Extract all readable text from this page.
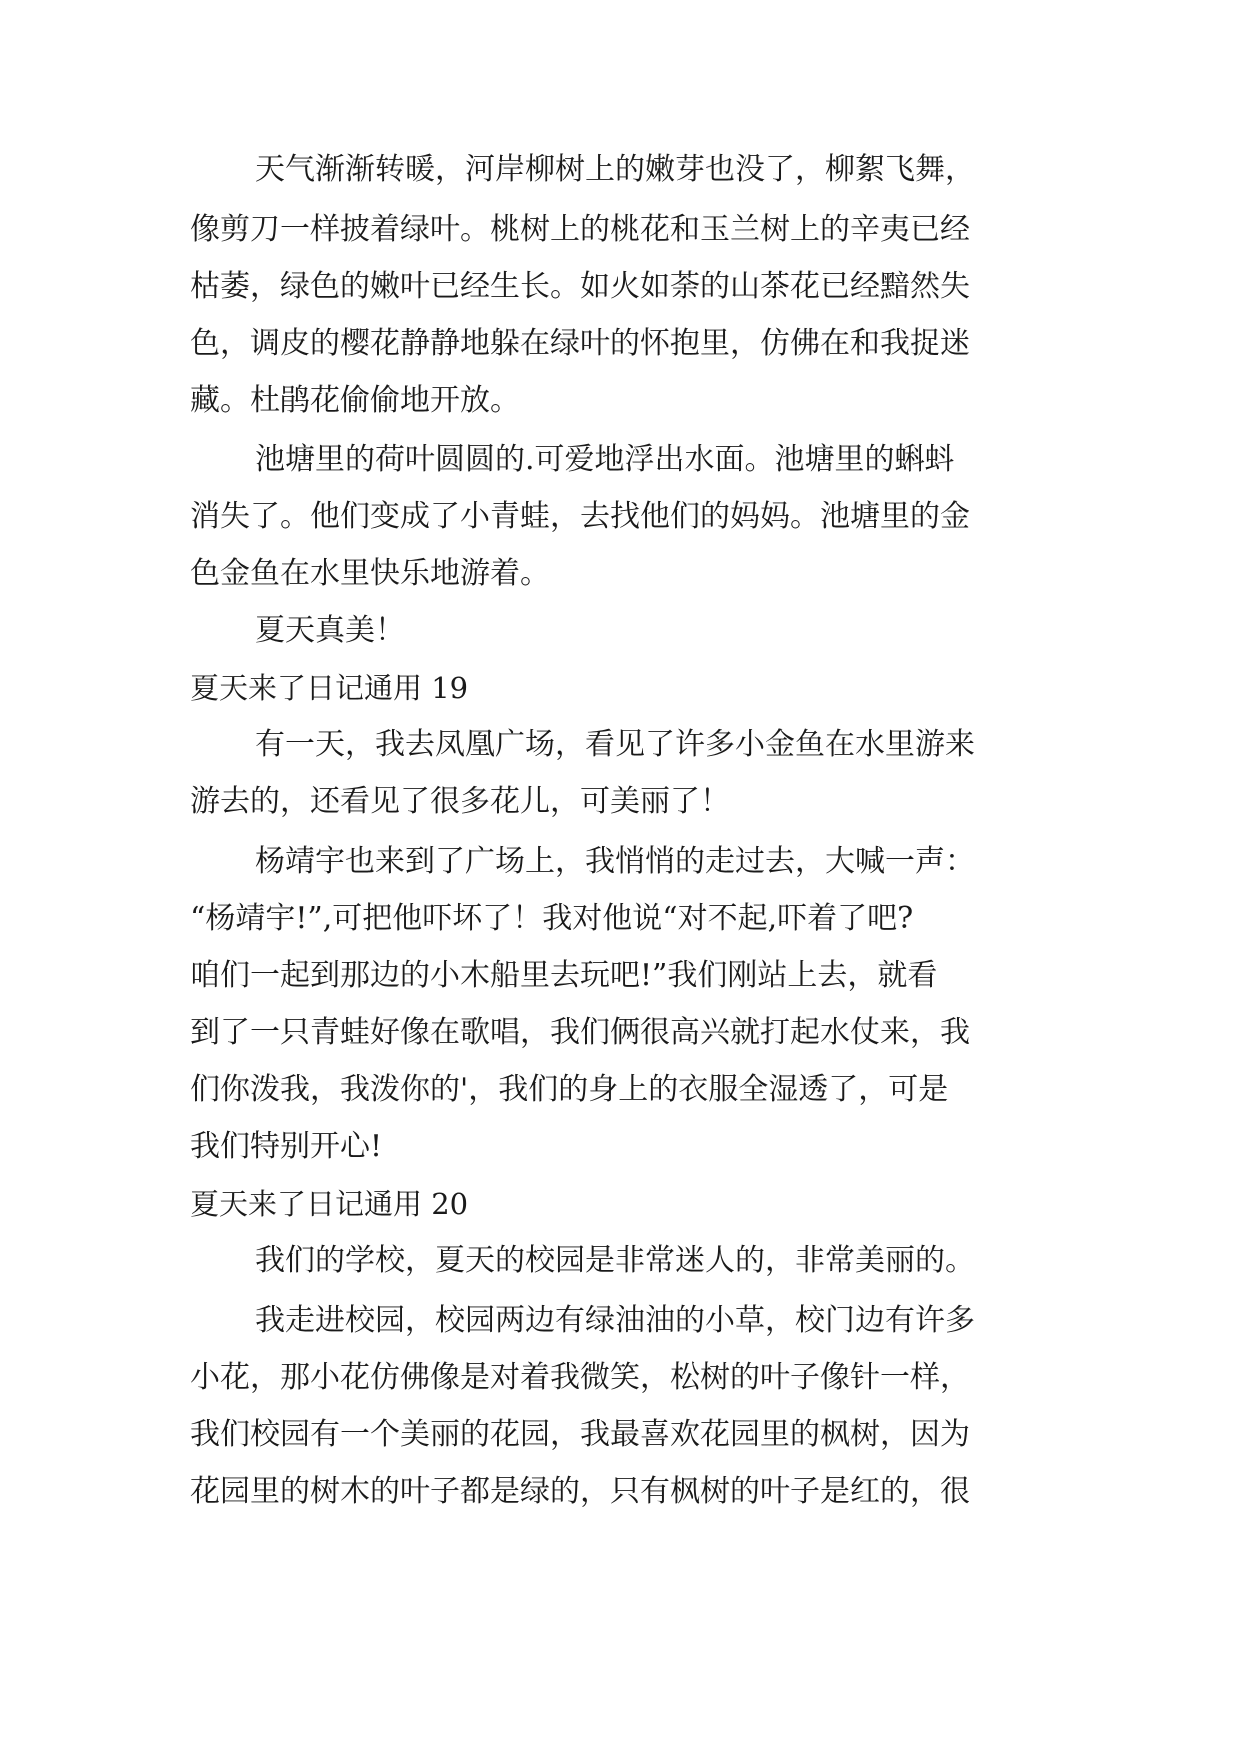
天气渐渐转暖，河岸柳树上的嫩芽也没了，柳絮飞舞，
像剪刀一样披着绿叶。桃树上的桃花和玉兰树上的辛夷已经
枯萎，绿色的嫩叶已经生长。如火如荼的山茶花已经黯然失
色，调皮的樱花静静地躲在绿叶的怀抱里，仿佛在和我捉迷
藏。杜鹃花偷偷地开放。
池塘里的荷叶圆圆的.可爱地浮出水面。池塘里的蝌蚪
消失了。他们变成了小青蛙，去找他们的妈妈。池塘里的金
色金鱼在水里快乐地游着。
夏天真美！
夏天来了日记通用 19
有一天，我去凤凰广场，看见了许多小金鱼在水里游来
游去的，还看见了很多花儿，可美丽了！
杨靖宇也来到了广场上，我悄悄的走过去，大喊一声：
“杨靖宇!”,可把他吓坏了！我对他说“对不起,吓着了吧?
咱们一起到那边的小木船里去玩吧!”我们刚站上去，就看
到了一只青蛙好像在歌唱，我们俩很高兴就打起水仗来，我
们你泼我，我泼你的'，我们的身上的衣服全湿透了，可是
我们特别开心!
夏天来了日记通用 20
我们的学校，夏天的校园是非常迷人的，非常美丽的。
我走进校园，校园两边有绿油油的小草，校门边有许多
小花，那小花仿佛像是对着我微笑，松树的叶子像针一样，
我们校园有一个美丽的花园，我最喜欢花园里的枫树，因为
花园里的树木的叶子都是绿的，只有枫树的叶子是红的，很
